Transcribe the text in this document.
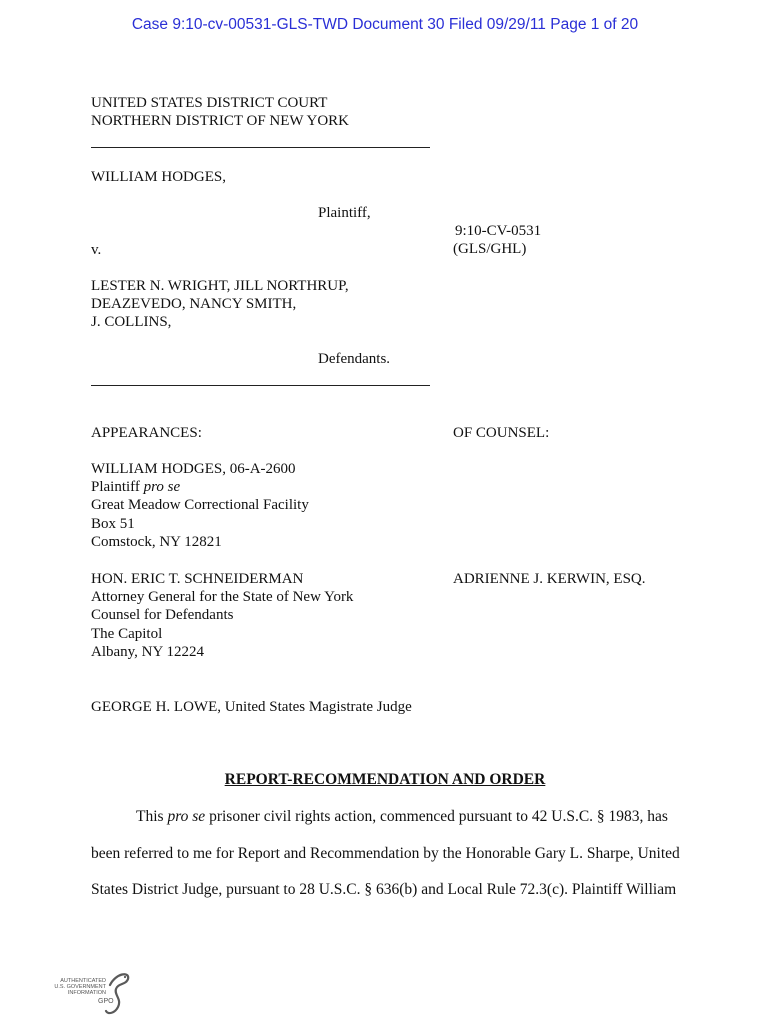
Case 9:10-cv-00531-GLS-TWD Document 30 Filed 09/29/11 Page 1 of 20
UNITED STATES DISTRICT COURT
NORTHERN DISTRICT OF NEW YORK
WILLIAM HODGES,
Plaintiff,
v.
9:10-CV-0531
(GLS/GHL)
LESTER N. WRIGHT, JILL NORTHRUP,
DEAZEVEDO, NANCY SMITH,
J. COLLINS,
Defendants.
APPEARANCES:	OF COUNSEL:
WILLIAM HODGES, 06-A-2600
Plaintiff pro se
Great Meadow Correctional Facility
Box 51
Comstock, NY 12821
HON. ERIC T. SCHNEIDERMAN
Attorney General for the State of New York
Counsel for Defendants
The Capitol
Albany, NY 12224
ADRIENNE J. KERWIN, ESQ.
GEORGE H. LOWE, United States Magistrate Judge
REPORT-RECOMMENDATION AND ORDER
This pro se prisoner civil rights action, commenced pursuant to 42 U.S.C. § 1983, has
been referred to me for Report and Recommendation by the Honorable Gary L. Sharpe, United
States District Judge, pursuant to 28 U.S.C. § 636(b) and Local Rule 72.3(c). Plaintiff William
AUTHENTICATED
U.S. GOVERNMENT
INFORMATION
GPO
